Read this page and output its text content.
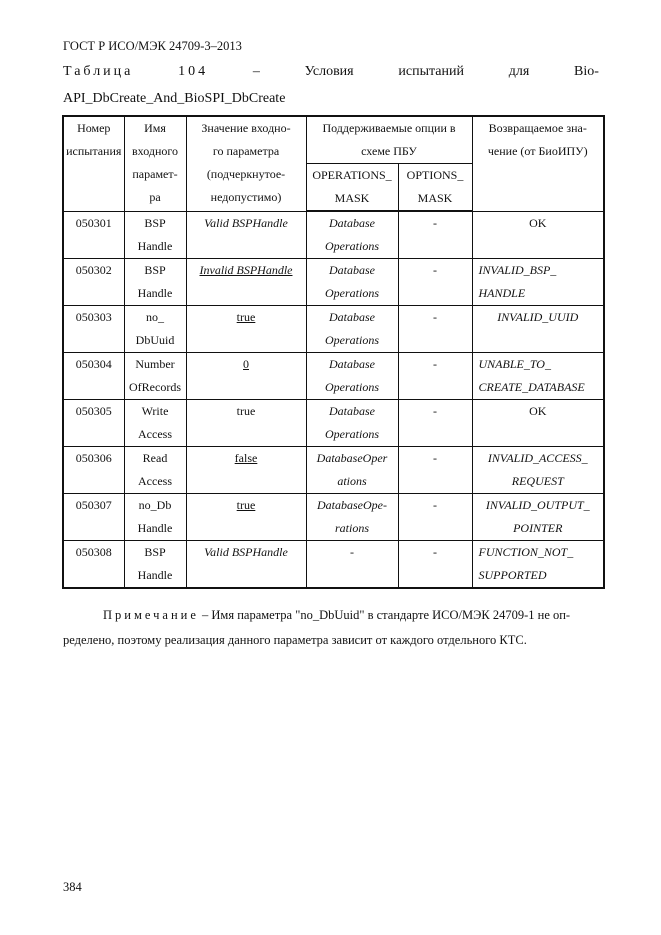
ГОСТ Р ИСО/МЭК 24709-3–2013
Таблица	104	–	Условия	испытаний	для	Bio-
API_DbCreate_And_BioSPI_DbCreate
Номер
испытания	Имя
входного
парамет-
ра	Значение входно-
го параметра
(подчеркнутое-
недопустимо)	Поддерживаемые опции в
схеме ПБУ		Возвращаемое зна-
чение (от БиоИПУ)

			OPERATIONS_
MASK	OPTIONS_
MASK	

050301	BSP
Handle	Valid BSPHandle	Database
Operations	-	OK

050302	BSP
Handle	Invalid BSPHandle	Database
Operations	-	INVALID_BSP_
HANDLE

050303	no_
DbUuid	true	Database
Operations	-	INVALID_UUID

050304	Number
OfRecords	0	Database
Operations	-	UNABLE_TO_
CREATE_DATABASE

050305	Write
Access	true	Database
Operations	-	OK

050306	Read
Access	false	DatabaseOper
ations	-	INVALID_ACCESS_
REQUEST

050307	no_Db
Handle	true	DatabaseOpe-
rations	-	INVALID_OUTPUT_
POINTER

050308	BSP
Handle	Valid BSPHandle	-	-	FUNCTION_NOT_
SUPPORTED
Примечание – Имя параметра "no_DbUuid" в стандарте ИСО/МЭК 24709-1 не оп-
ределено, поэтому реализация данного параметра зависит от каждого отдельного КТС.
384
